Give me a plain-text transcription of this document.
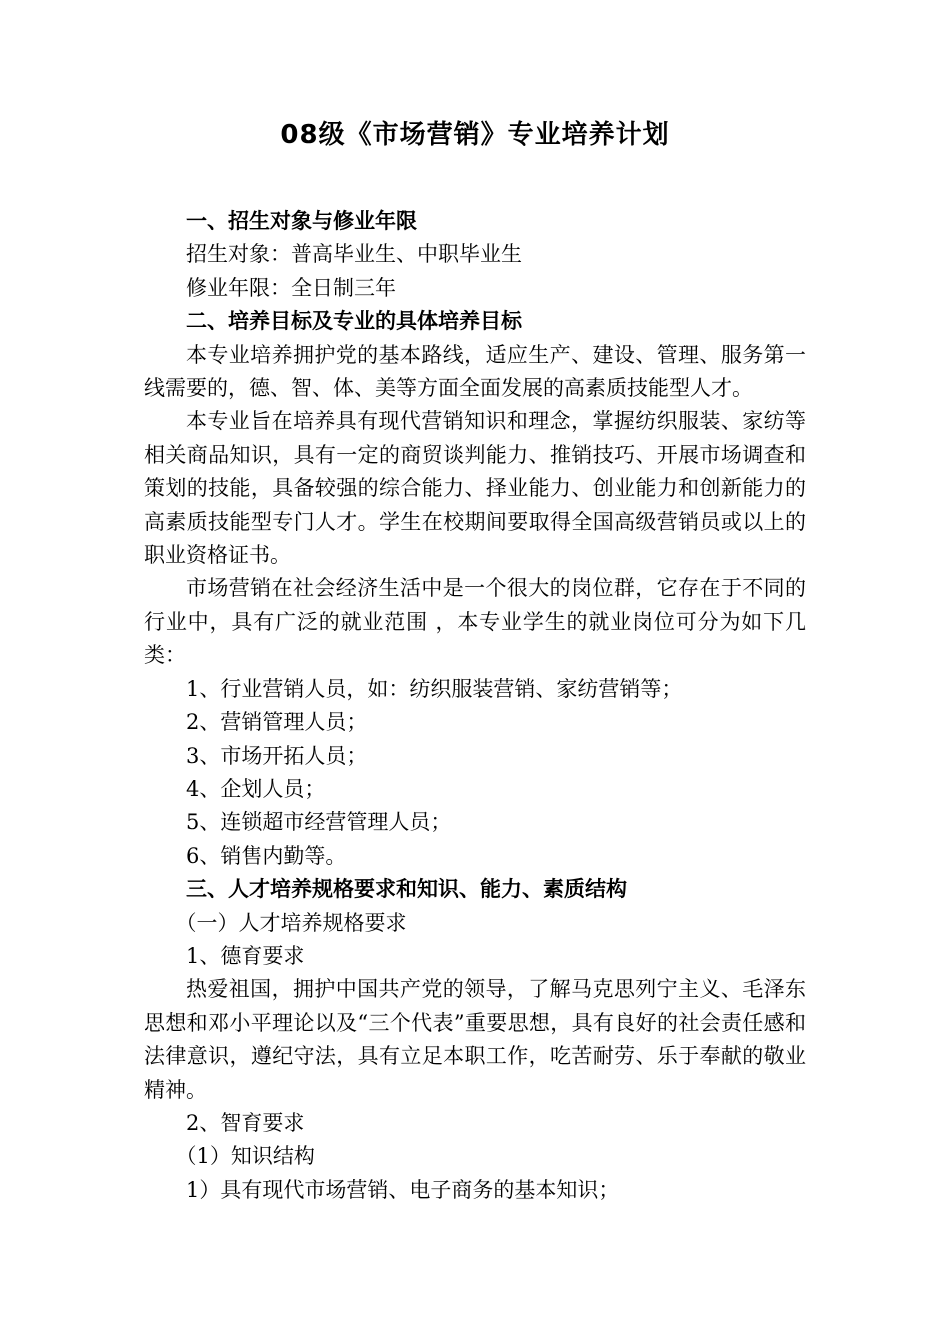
08级《市场营销》专业培养计划

一、招生对象与修业年限

招生对象：普高毕业生、中职毕业生

修业年限：全日制三年

二、培养目标及专业的具体培养目标

本专业培养拥护党的基本路线，适应生产、建设、管理、服务第一线需要的，德、智、体、美等方面全面发展的高素质技能型人才。

本专业旨在培养具有现代营销知识和理念，掌握纺织服装、家纺等相关商品知识，具有一定的商贸谈判能力、推销技巧、开展市场调查和策划的技能，具备较强的综合能力、择业能力、创业能力和创新能力的高素质技能型专门人才。学生在校期间要取得全国高级营销员或以上的职业资格证书。

市场营销在社会经济生活中是一个很大的岗位群，它存在于不同的行业中，具有广泛的就业范围 ，本专业学生的就业岗位可分为如下几类：

1、行业营销人员，如：纺织服装营销、家纺营销等；

2、营销管理人员；

3、市场开拓人员；

4、企划人员；

5、连锁超市经营管理人员；

6、销售内勤等。

三、人才培养规格要求和知识、能力、素质结构

（一）人才培养规格要求

1、德育要求

热爱祖国，拥护中国共产党的领导，了解马克思列宁主义、毛泽东思想和邓小平理论以及“三个代表”重要思想，具有良好的社会责任感和法律意识，遵纪守法，具有立足本职工作，吃苦耐劳、乐于奉献的敬业精神。

2、智育要求

（1）知识结构

1）具有现代市场营销、电子商务的基本知识；
